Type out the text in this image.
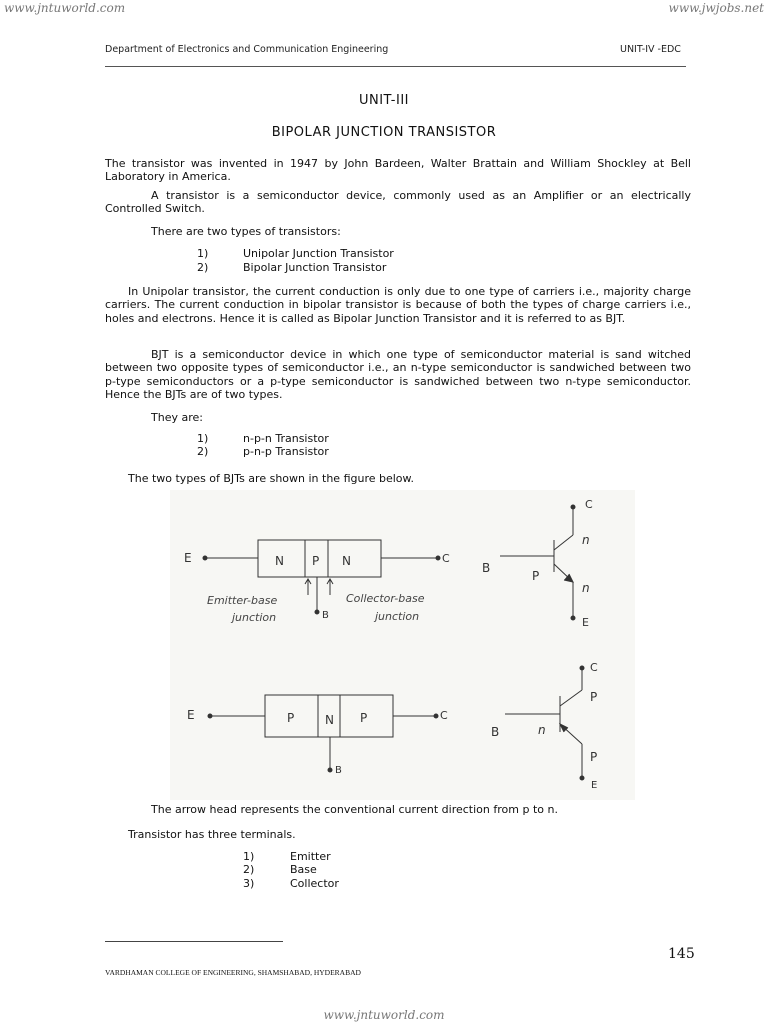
www.jntuworld.com	www.jwjobs.net
Department of Electronics and Communication Engineering	UNIT-IV -EDC
UNIT-III
BIPOLAR JUNCTION TRANSISTOR
The transistor was invented in 1947 by John Bardeen, Walter Brattain and William Shockley at Bell Laboratory in America.
A transistor is a semiconductor device, commonly used as an Amplifier or an electrically Controlled Switch.
There are two types of transistors:
1)	Unipolar Junction Transistor
2)	Bipolar Junction Transistor
In Unipolar transistor, the current conduction is only due to one type of carriers i.e., majority charge carriers. The current conduction in bipolar transistor is because of both the types of charge carriers i.e., holes and electrons. Hence it is called as Bipolar Junction Transistor and it is referred to as BJT.
BJT is a semiconductor device in which one type of semiconductor material is sand witched between two opposite types of semiconductor i.e., an n-type semiconductor is sandwiched between two p-type semiconductors or a p-type semiconductor is sandwiched between two n-type semiconductor. Hence the BJTs are of two types.
They are:
1)	n-p-n Transistor
2)	p-n-p Transistor
The two types of BJTs are shown in the figure below.
E	C
N P N
B
Emitter-base
junction
Collector-base
junction
C
B
E
n
P
n
E	C
P	N P
B
C
B
E
P
n
P
The arrow head represents the conventional current direction from p to n.
Transistor has three terminals.
1)	Emitter
2)	Base
3)	Collector
145
VARDHAMAN COLLEGE OF ENGINEERING, SHAMSHABAD, HYDERABAD
www.jntuworld.com
